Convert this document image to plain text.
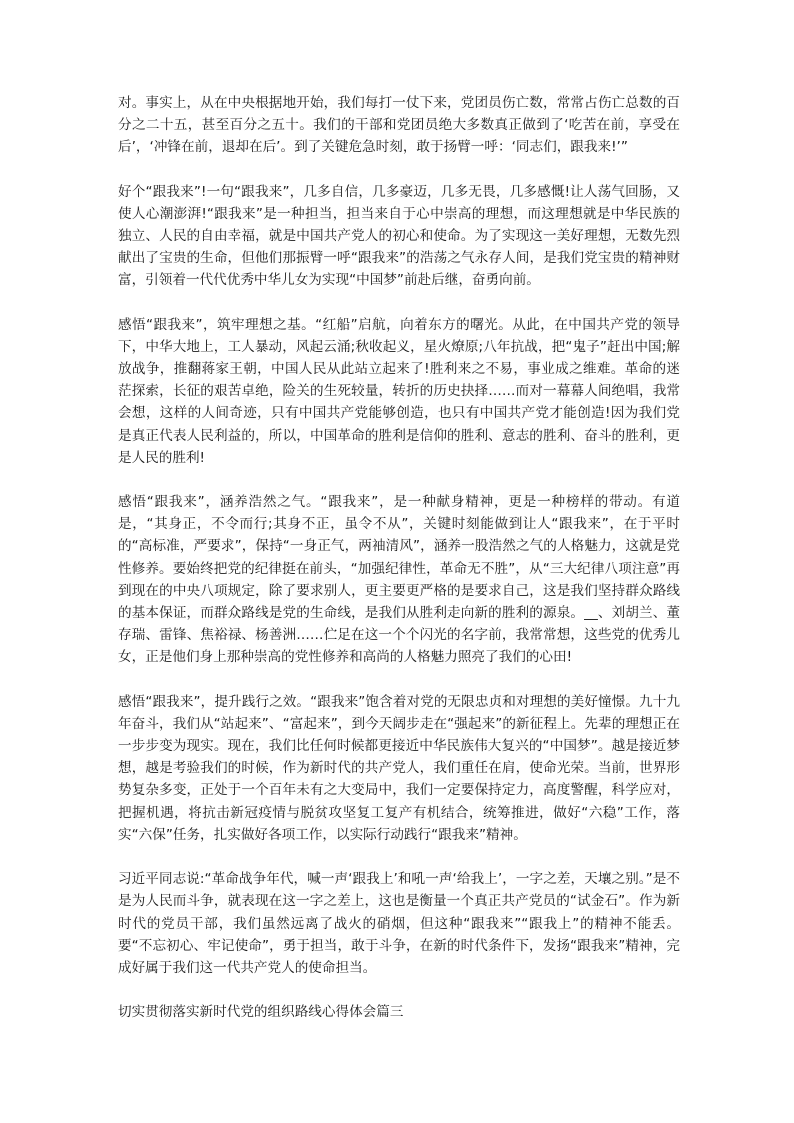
对。事实上，从在中央根据地开始，我们每打一仗下来，党团员伤亡数，常常占伤亡总数的百分之二十五，甚至百分之五十。我们的干部和党团员绝大多数真正做到了‘吃苦在前，享受在后’，‘冲锋在前，退却在后’。到了关键危急时刻，敢于扬臂一呼：‘同志们，跟我来!’”

好个“跟我来”!一句“跟我来”，几多自信，几多豪迈，几多无畏，几多感慨!让人荡气回肠，又使人心潮澎湃!“跟我来”是一种担当，担当来自于心中崇高的理想，而这理想就是中华民族的独立、人民的自由幸福，就是中国共产党人的初心和使命。为了实现这一美好理想，无数先烈献出了宝贵的生命，但他们那振臂一呼“跟我来”的浩荡之气永存人间，是我们党宝贵的精神财富，引领着一代代优秀中华儿女为实现“中国梦”前赴后继，奋勇向前。

感悟“跟我来”，筑牢理想之基。“红船”启航，向着东方的曙光。从此，在中国共产党的领导下，中华大地上，工人暴动，风起云涌;秋收起义，星火燎原;八年抗战，把“鬼子”赶出中国;解放战争，推翻蒋家王朝，中国人民从此站立起来了!胜利来之不易，事业成之维难。革命的迷茫探索，长征的艰苦卓绝，险关的生死较量，转折的历史抉择……而对一幕幕人间绝唱，我常会想，这样的人间奇迹，只有中国共产党能够创造，也只有中国共产党才能创造!因为我们党是真正代表人民利益的，所以，中国革命的胜利是信仰的胜利、意志的胜利、奋斗的胜利，更是人民的胜利!

感悟“跟我来”，涵养浩然之气。“跟我来”，是一种献身精神，更是一种榜样的带动。有道是，“其身正，不令而行;其身不正，虽令不从”，关键时刻能做到让人“跟我来”，在于平时的“高标准，严要求”，保持“一身正气，两袖清风”，涵养一股浩然之气的人格魅力，这就是党性修养。要始终把党的纪律挺在前头，“加强纪律性，革命无不胜”，从“三大纪律八项注意”再到现在的中央八项规定，除了要求别人，更主要更严格的是要求自己，这是我们坚持群众路线的基本保证，而群众路线是党的生命线，是我们从胜利走向新的胜利的源泉。__、刘胡兰、董存瑞、雷锋、焦裕禄、杨善洲……伫足在这一个个闪光的名字前，我常常想，这些党的优秀儿女，正是他们身上那种崇高的党性修养和高尚的人格魅力照亮了我们的心田!

感悟“跟我来”，提升践行之效。“跟我来”饱含着对党的无限忠贞和对理想的美好憧憬。九十九年奋斗，我们从“站起来”、“富起来”，到今天阔步走在“强起来”的新征程上。先辈的理想正在一步步变为现实。现在，我们比任何时候都更接近中华民族伟大复兴的“中国梦”。越是接近梦想，越是考验我们的时候，作为新时代的共产党人，我们重任在肩，使命光荣。当前，世界形势复杂多变，正处于一个百年未有之大变局中，我们一定要保持定力，高度警醒，科学应对，把握机遇，将抗击新冠疫情与脱贫攻坚复工复产有机结合，统筹推进，做好“六稳”工作，落实“六保”任务，扎实做好各项工作，以实际行动践行“跟我来”精神。

习近平同志说:“革命战争年代，喊一声‘跟我上’和吼一声‘给我上’，一字之差，天壤之别。”是不是为人民而斗争，就表现在这一字之差上，这也是衡量一个真正共产党员的“试金石”。作为新时代的党员干部，我们虽然远离了战火的硝烟，但这种“跟我来”“跟我上”的精神不能丢。要“不忘初心、牢记使命”，勇于担当，敢于斗争，在新的时代条件下，发扬“跟我来”精神，完成好属于我们这一代共产党人的使命担当。

切实贯彻落实新时代党的组织路线心得体会篇三
